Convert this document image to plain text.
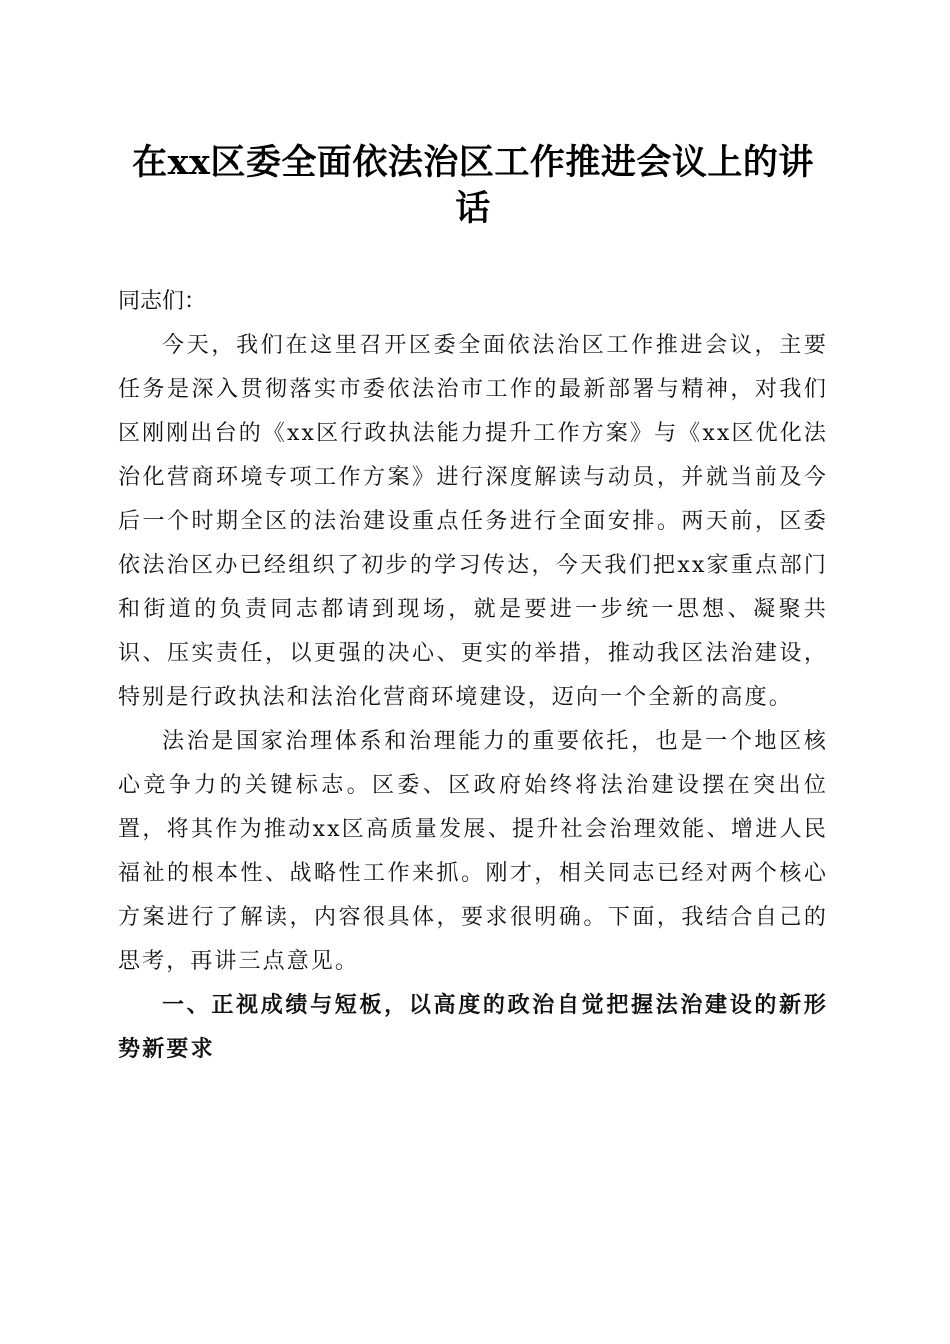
在xx区委全面依法治区工作推进会议上的讲话

同志们：

今天，我们在这里召开区委全面依法治区工作推进会议，主要任务是深入贯彻落实市委依法治市工作的最新部署与精神，对我们区刚刚出台的《xx区行政执法能力提升工作方案》与《xx区优化法治化营商环境专项工作方案》进行深度解读与动员，并就当前及今后一个时期全区的法治建设重点任务进行全面安排。两天前，区委依法治区办已经组织了初步的学习传达，今天我们把xx家重点部门和街道的负责同志都请到现场，就是要进一步统一思想、凝聚共识、压实责任，以更强的决心、更实的举措，推动我区法治建设，特别是行政执法和法治化营商环境建设，迈向一个全新的高度。

法治是国家治理体系和治理能力的重要依托，也是一个地区核心竞争力的关键标志。区委、区政府始终将法治建设摆在突出位置，将其作为推动xx区高质量发展、提升社会治理效能、增进人民福祉的根本性、战略性工作来抓。刚才，相关同志已经对两个核心方案进行了解读，内容很具体，要求很明确。下面，我结合自己的思考，再讲三点意见。

一、正视成绩与短板，以高度的政治自觉把握法治建设的新形势新要求
